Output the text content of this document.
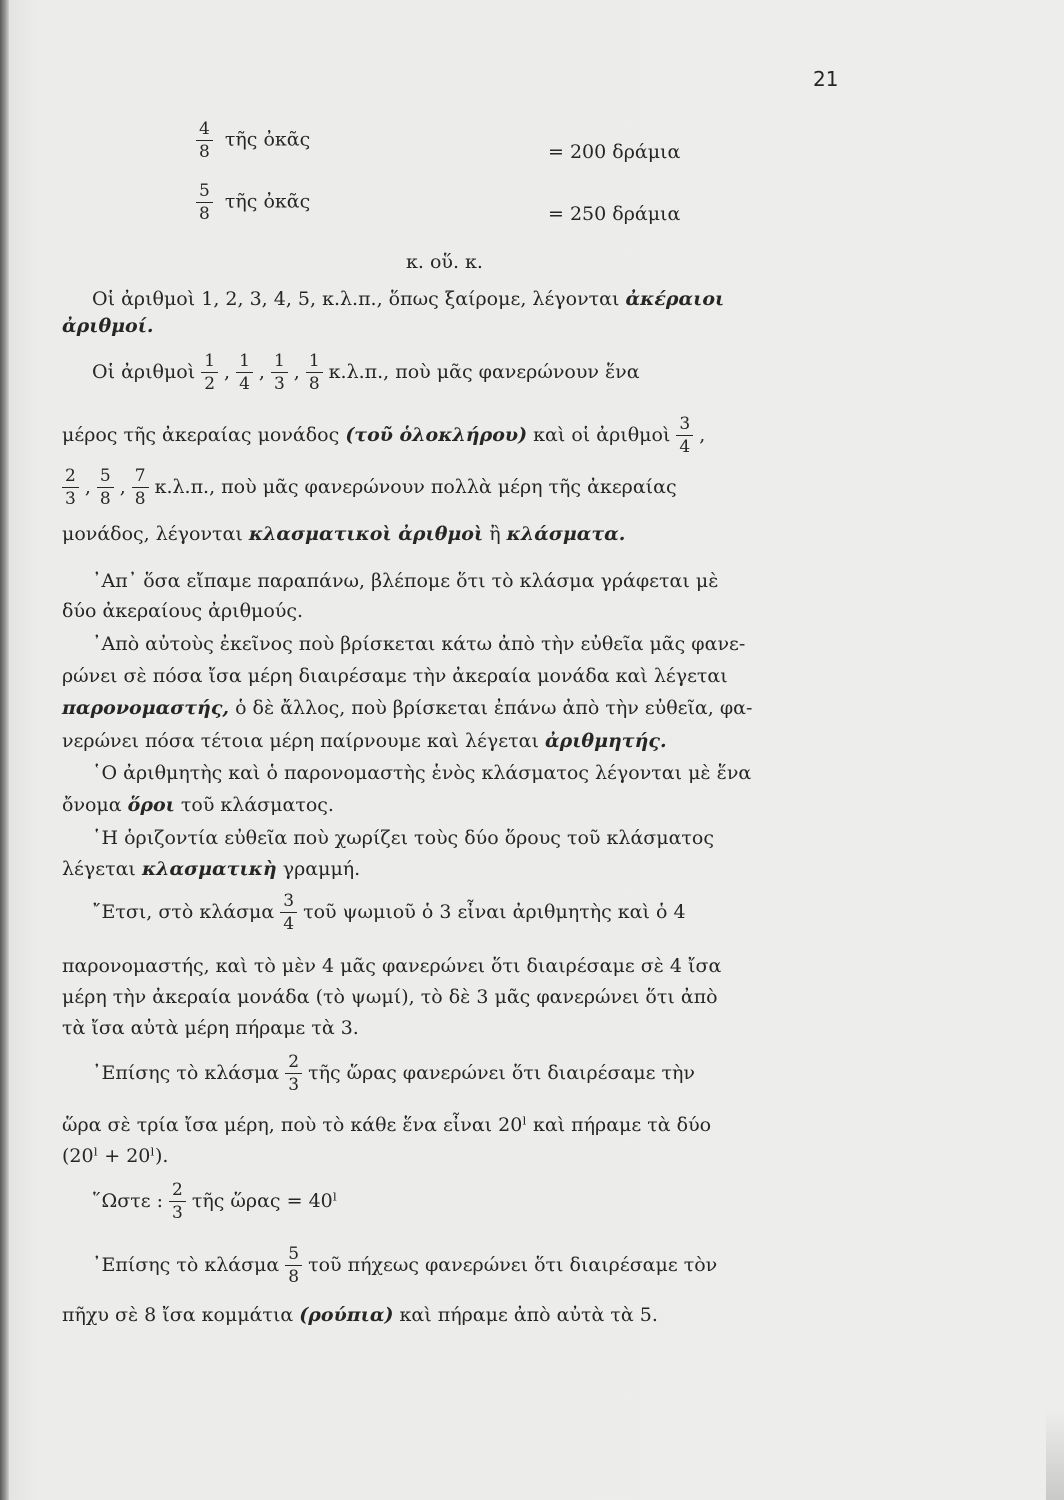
21
$\frac{4}{8}$ τῆς ὀκᾶς
= 200 δράμια
$\frac{5}{8}$ τῆς ὀκᾶς
= 250 δράμια
κ. οὕ. κ.
Οἱ ἀριθμοὶ 1, 2, 3, 4, 5, κ.λ.π., ὅπως ξαίρομε, λέγονται ἀκέραιοι
ἀριθμοί.
Οἱ ἀριθμοὶ $\frac{1}{2}$ , $\frac{1}{4}$ , $\frac{1}{3}$ , $\frac{1}{8} \kappa.\lambda.\pi$., ποὺ μᾶς φανερώνουν ἕνα
μέρος τῆς ἀκεραίας μονάδος
(τοῦ ὁλοκλήρου)
καὶ οἱ ἀριθμοὶ $\frac{3}{4}$ ,
$\frac{2}{3}$ , $\frac{5}{8}$ , $\frac{7}{8} \kappa.\lambda.\pi$., ποὺ μᾶς φανερώνουν πολλὰ μέρη τῆς ἀκεραίας
μονάδος, λέγονται κλασματικοὶ ἀριθμοὶ ἢ κλάσματα.
᾿Απ᾿ ὅσα εἴπαμε παραπάνω, βλέπομε ὅτι τὸ κλάσμα γράφεται μὲ
δύο ἀκεραίους ἀριθμούς.
᾿Απὸ αὐτοὺς ἐκεῖνος ποὺ βρίσκεται κάτω ἀπὸ τὴν εὐθεῖα μᾶς φανε-
ρώνει σὲ πόσα ἴσα μέρη διαιρέσαμε τὴν ἀκεραία μονάδα καὶ λέγεται
παρονομαστής, ὁ δὲ ἄλλος, ποὺ βρίσκεται ἐπάνω ἀπὸ τὴν εὐθεῖα, φα-
νερώνει πόσα τέτοια μέρη παίρνουμε καὶ λέγεται ἀριθμητής.
῾Ο ἀριθμητὴς καὶ ὁ παρονομαστὴς ἑνὸς κλάσματος λέγονται μὲ ἕνα
ὄνομα ὅροι τοῦ κλάσματος.
῾Η ὁριζοντία εὐθεῖα ποὺ χωρίζει τοὺς δύο ὅρους τοῦ κλάσματος
λέγεται κλασματικὴ γραμμή.
῎Ετσι, στὸ κλάσμα $\frac{3}{4}$ τοῦ ψωμιοῦ ὁ 3 εἶναι ἀριθμητὴς καὶ ὁ 4
παρονομαστής, καὶ τὸ μὲν 4 μᾶς φανερώνει ὅτι διαιρέσαμε σὲ 4 ἴσα
μέρη τὴν ἀκεραία μονάδα (τὸ ψωμί), τὸ δὲ 3 μᾶς φανερώνει ὅτι ἀπὸ
τὰ ἴσα αὐτὰ μέρη πήραμε τὰ 3.
᾿Επίσης τὸ κλάσμα $\frac{2}{3}$ τῆς ὥρας φανερώνει ὅτι διαιρέσαμε τὴν
ὥρα σὲ τρία ἴσα μέρη, ποὺ τὸ κάθε ἕνα εἶναι 20ˡ καὶ πήραμε τὰ δύο
(20ˡ + 20ˡ).
῞Ωστε : $\frac{2}{3}$ τῆς ὥρας = 40ˡ
᾿Επίσης τὸ κλάσμα $\frac{5}{8}$ τοῦ πήχεως φανερώνει ὅτι διαιρέσαμε τὸν
πῆχυ σὲ 8 ἴσα κομμάτια (ρούπια) καὶ πήραμε ἀπὸ αὐτὰ τὰ 5.
